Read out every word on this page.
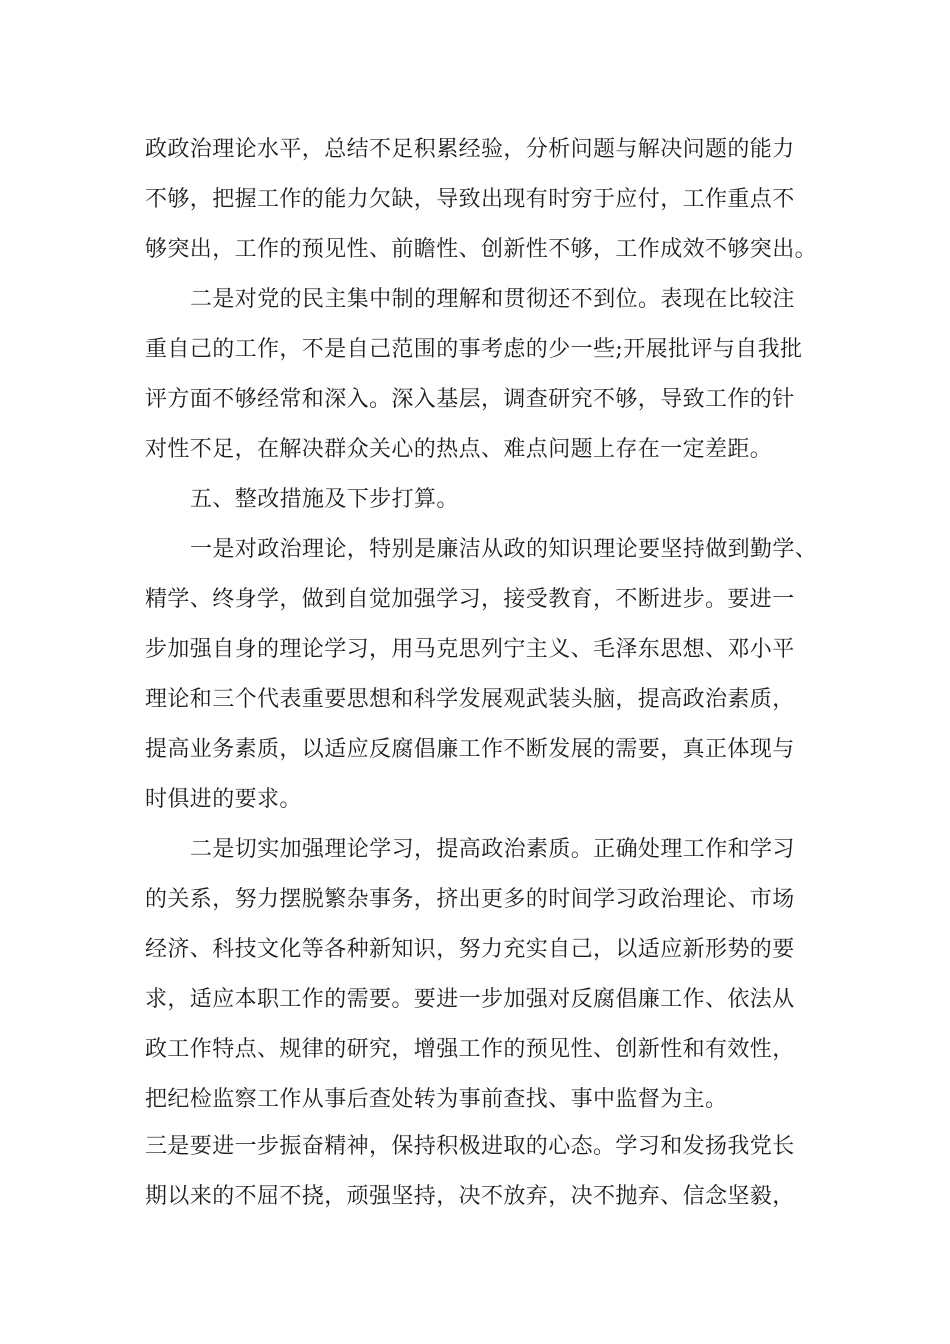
政政治理论水平，总结不足积累经验，分析问题与解决问题的能力
不够，把握工作的能力欠缺，导致出现有时穷于应付，工作重点不
够突出，工作的预见性、前瞻性、创新性不够，工作成效不够突出。
二是对党的民主集中制的理解和贯彻还不到位。表现在比较注
重自己的工作，不是自己范围的事考虑的少一些;开展批评与自我批
评方面不够经常和深入。深入基层，调查研究不够，导致工作的针
对性不足，在解决群众关心的热点、难点问题上存在一定差距。
五、整改措施及下步打算。
一是对政治理论，特别是廉洁从政的知识理论要坚持做到勤学、
精学、终身学，做到自觉加强学习，接受教育，不断进步。要进一
步加强自身的理论学习，用马克思列宁主义、毛泽东思想、邓小平
理论和三个代表重要思想和科学发展观武装头脑，提高政治素质，
提高业务素质，以适应反腐倡廉工作不断发展的需要，真正体现与
时俱进的要求。
二是切实加强理论学习，提高政治素质。正确处理工作和学习
的关系，努力摆脱繁杂事务，挤出更多的时间学习政治理论、市场
经济、科技文化等各种新知识，努力充实自己，以适应新形势的要
求，适应本职工作的需要。要进一步加强对反腐倡廉工作、依法从
政工作特点、规律的研究，增强工作的预见性、创新性和有效性，
把纪检监察工作从事后查处转为事前查找、事中监督为主。
三是要进一步振奋精神，保持积极进取的心态。学习和发扬我党长
期以来的不屈不挠，顽强坚持，决不放弃，决不抛弃、信念坚毅，
